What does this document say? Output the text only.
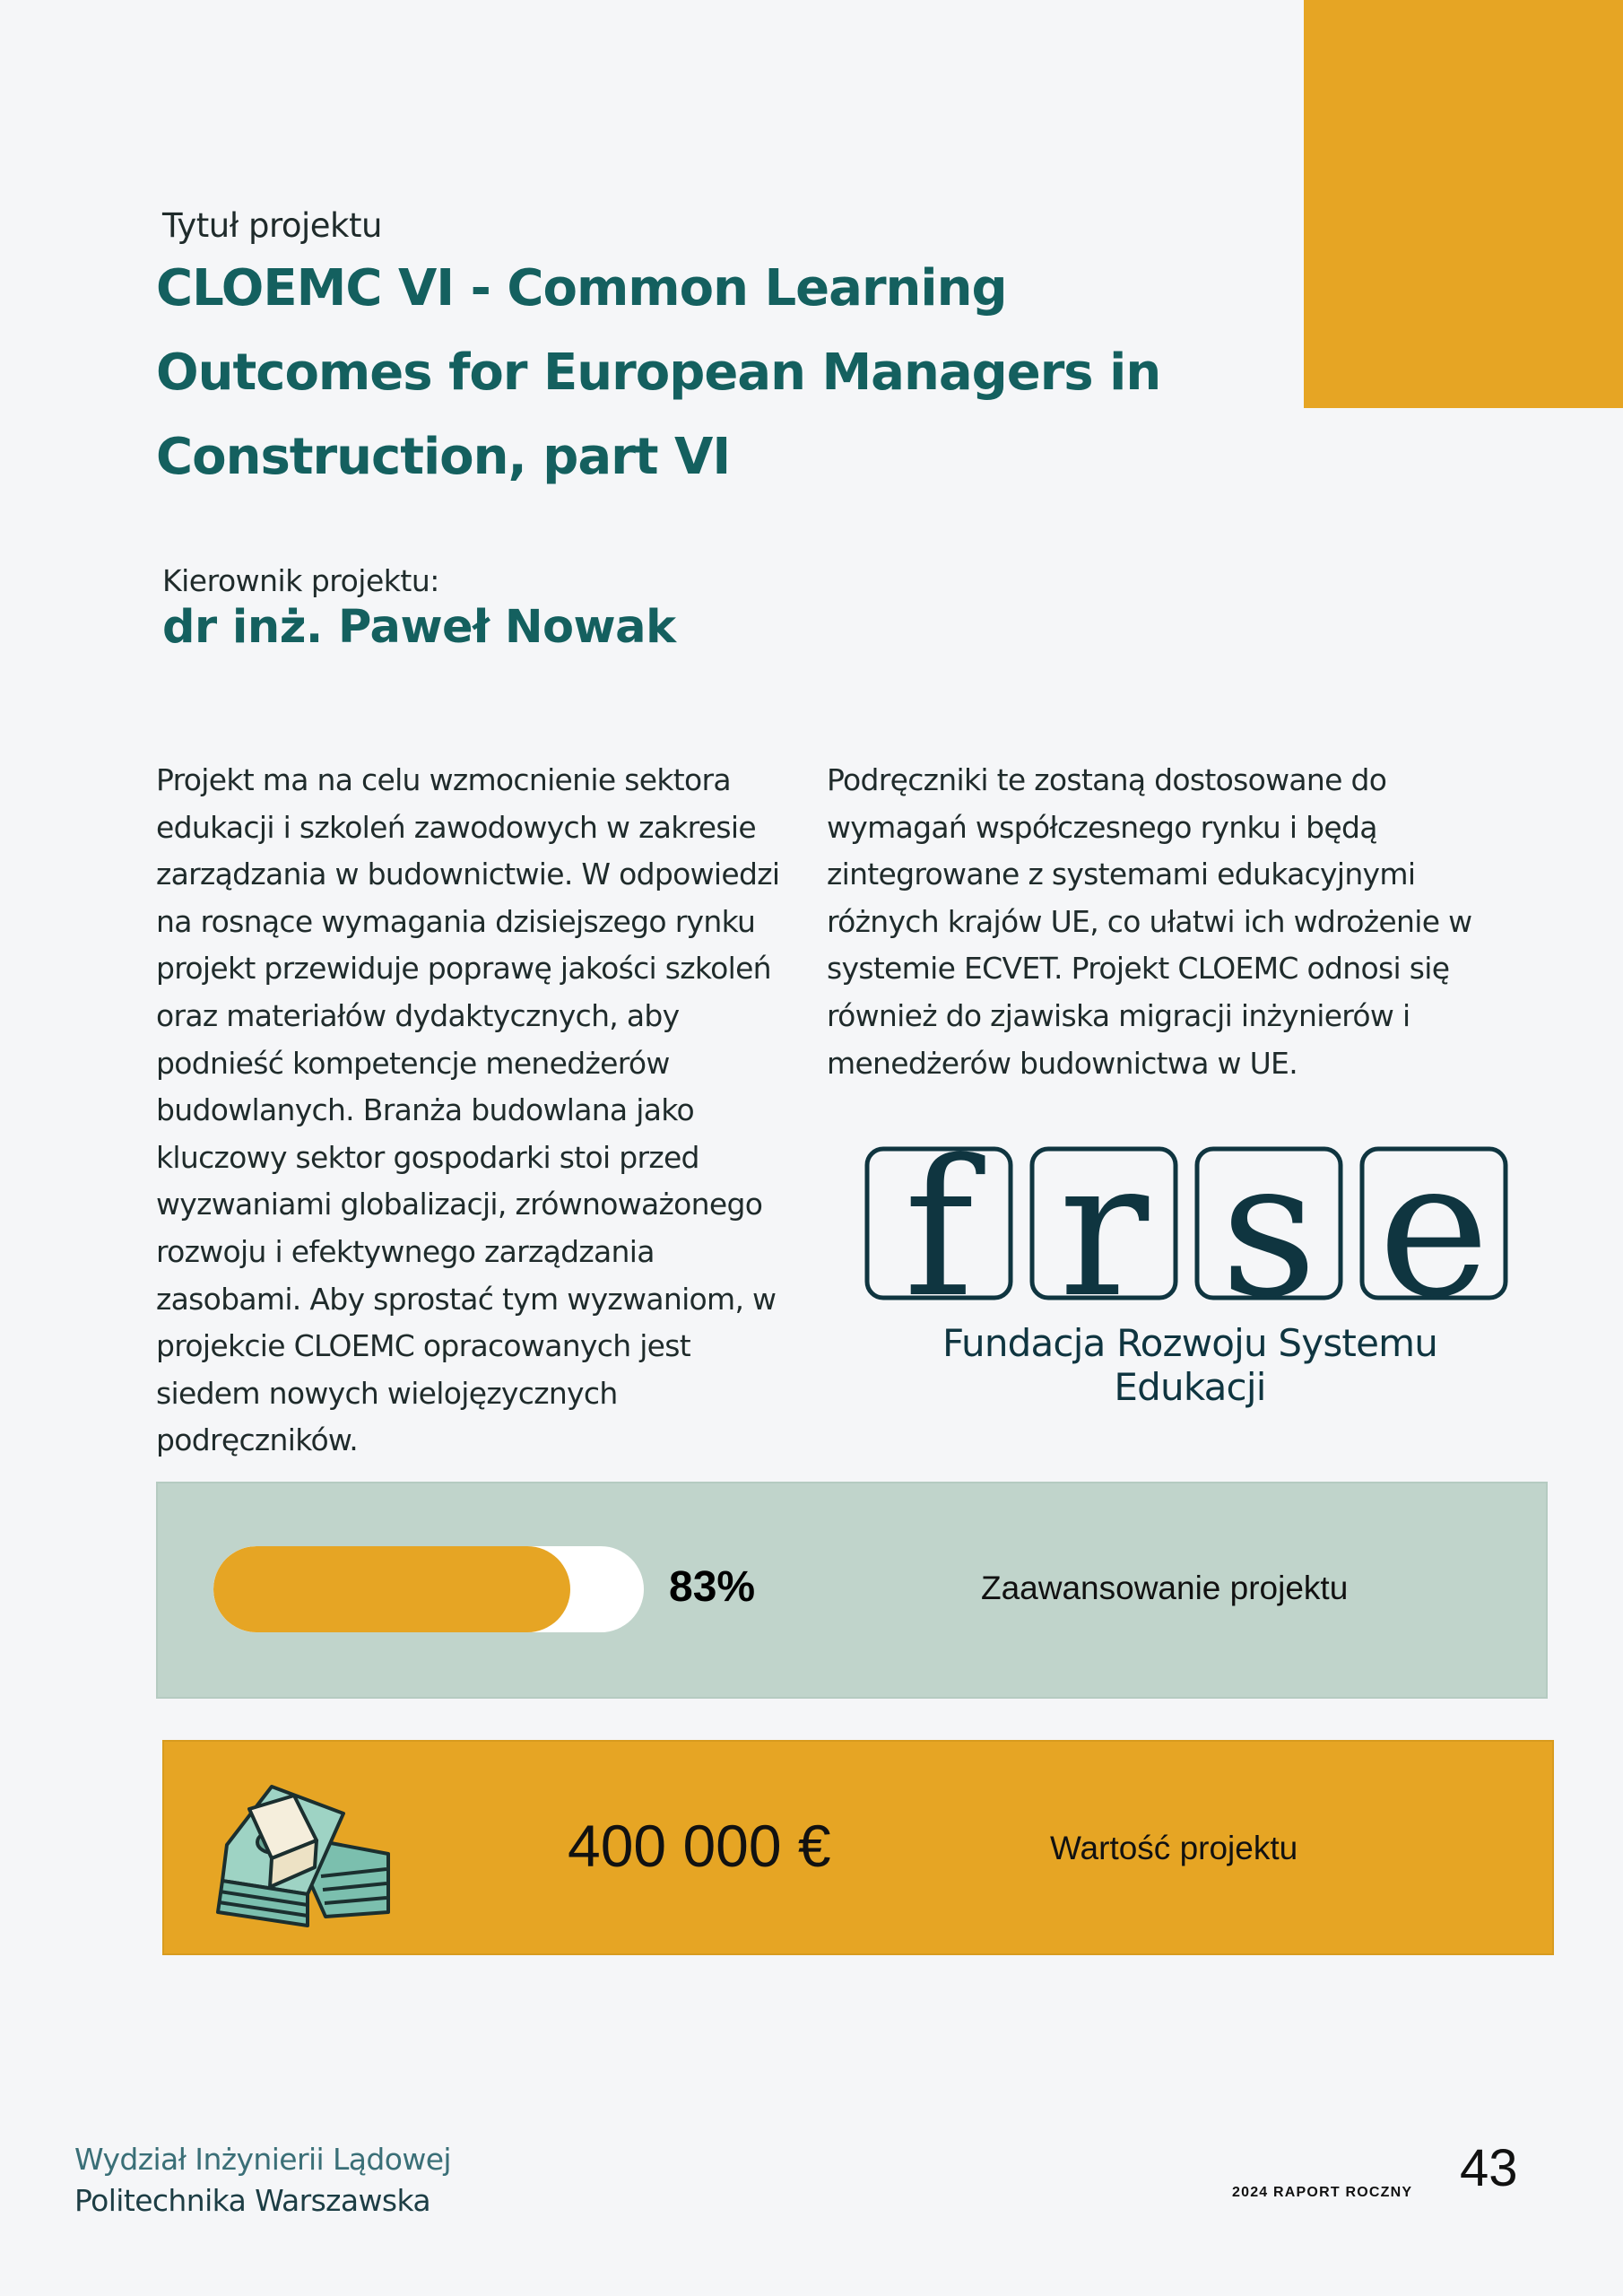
Tytuł projektu
CLOEMC VI - Common Learning Outcomes for European Managers in Construction, part VI
Kierownik projektu:
dr inż. Paweł Nowak
Projekt ma na celu wzmocnienie sektora edukacji i szkoleń zawodowych w zakresie zarządzania w budownictwie. W odpowiedzi na rosnące wymagania dzisiejszego rynku projekt przewiduje poprawę jakości szkoleń oraz materiałów dydaktycznych, aby podnieść kompetencje menedżerów budowlanych. Branża budowlana jako kluczowy sektor gospodarki stoi przed wyzwaniami globalizacji, zrównoważonego rozwoju i efektywnego zarządzania zasobami. Aby sprostać tym wyzwaniom, w projekcie CLOEMC opracowanych jest siedem nowych wielojęzycznych podręczników.
Podręczniki te zostaną dostosowane do wymagań współczesnego rynku i będą zintegrowane z systemami edukacyjnymi różnych krajów UE, co ułatwi ich wdrożenie w systemie ECVET. Projekt CLOEMC odnosi się również do zjawiska migracji inżynierów i menedżerów budownictwa w UE.
f r s e
Fundacja Rozwoju Systemu Edukacji
83%	Zaawansowanie projektu
400 000 €	Wartość projektu
Wydział Inżynierii Lądowej
Politechnika Warszawska	2024 RAPORT ROCZNY 43
